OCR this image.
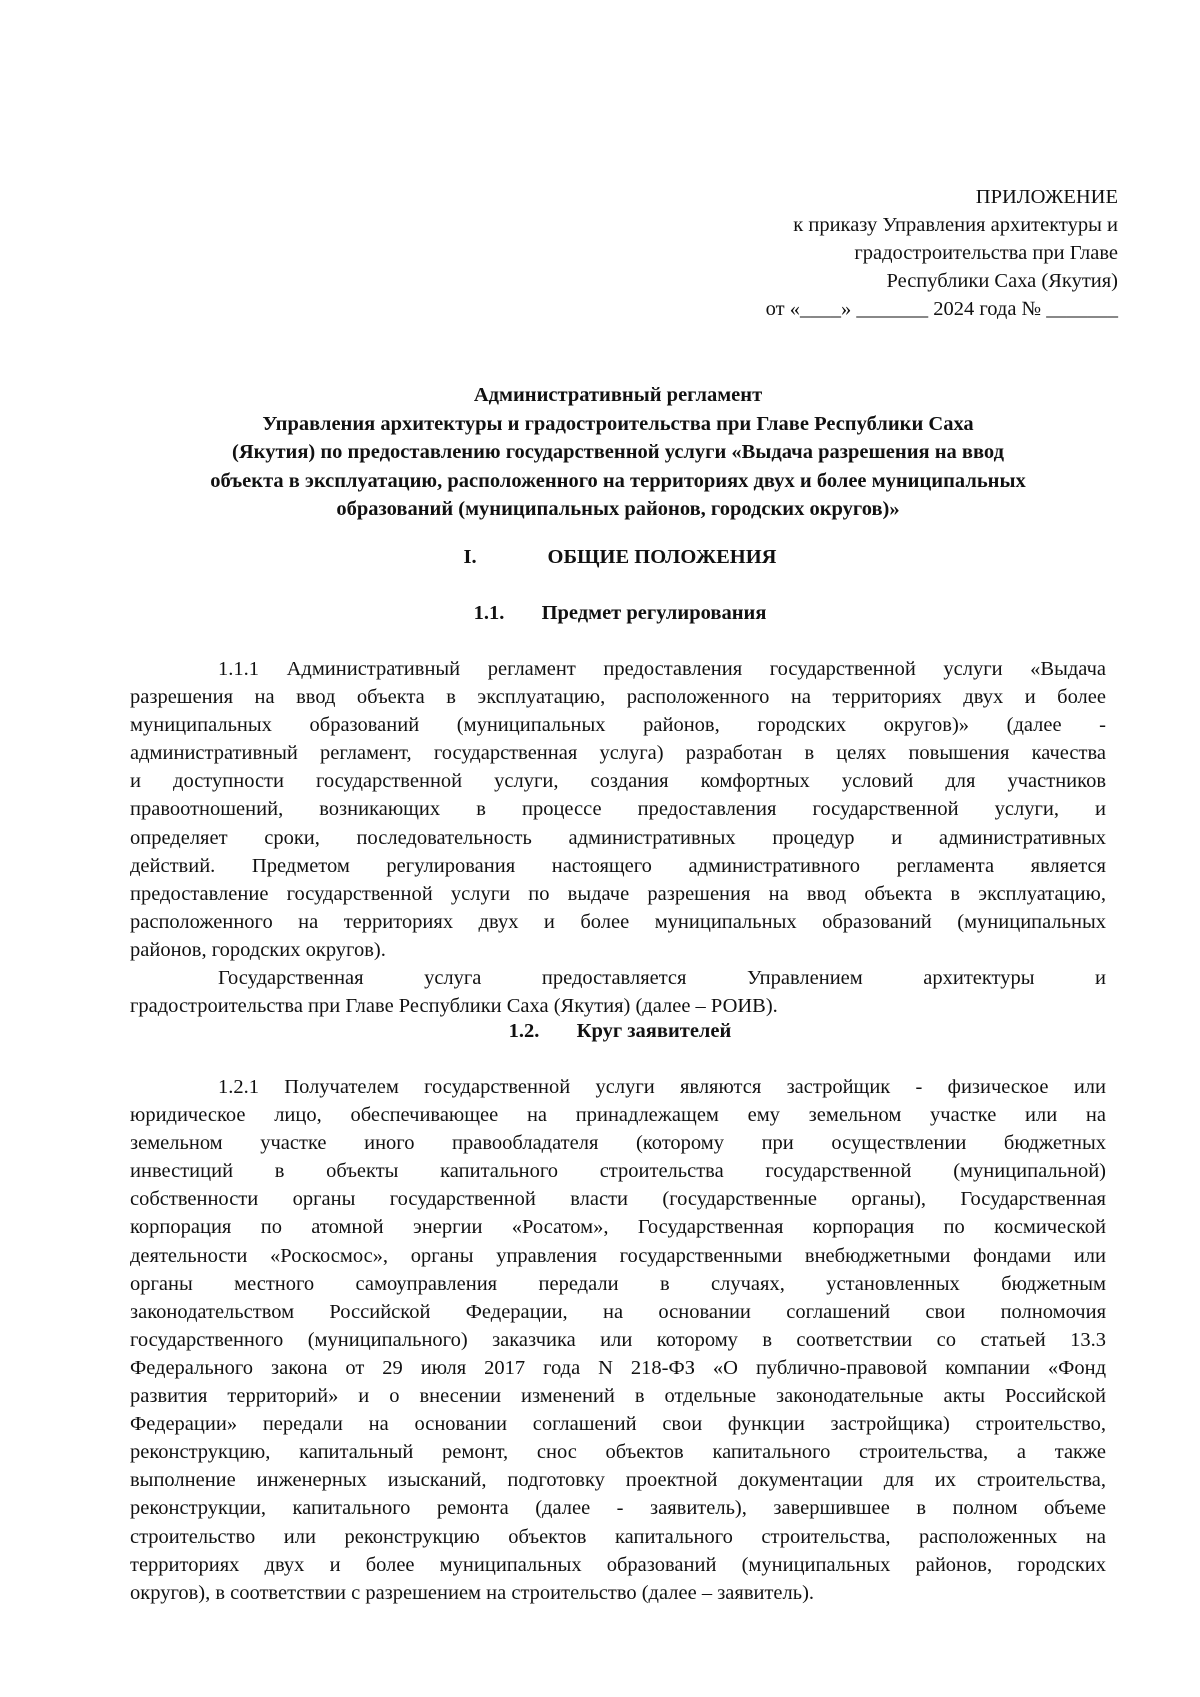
ПРИЛОЖЕНИЕ
к приказу Управления архитектуры и
градостроительства при Главе
Республики Саха (Якутия)
от «____» _______ 2024 года № _______
Административный регламент
Управления архитектуры и градостроительства при Главе Республики Саха
(Якутия) по предоставлению государственной услуги «Выдача разрешения на ввод
объекта в эксплуатацию, расположенного на территориях двух и более муниципальных
образований (муниципальных районов, городских округов)»
I.	ОБЩИЕ ПОЛОЖЕНИЯ
1.1. Предмет регулирования
1.1.1 Административный регламент предоставления государственной услуги «Выдача
разрешения на ввод объекта в эксплуатацию, расположенного на территориях двух и более
муниципальных образований (муниципальных районов, городских округов)» (далее -
административный регламент, государственная услуга) разработан в целях повышения качества
и доступности государственной услуги, создания комфортных условий для участников
правоотношений, возникающих в процессе предоставления государственной услуги, и
определяет сроки, последовательность административных процедур и административных
действий. Предметом регулирования настоящего административного регламента является
предоставление государственной услуги по выдаче разрешения на ввод объекта в эксплуатацию,
расположенного на территориях двух и более муниципальных образований (муниципальных
районов, городских округов).
Государственная услуга предоставляется Управлением архитектуры и
градостроительства при Главе Республики Саха (Якутия) (далее – РОИВ).
1.2. Круг заявителей
1.2.1 Получателем государственной услуги являются застройщик - физическое или
юридическое лицо, обеспечивающее на принадлежащем ему земельном участке или на
земельном участке иного правообладателя (которому при осуществлении бюджетных
инвестиций в объекты капитального строительства государственной (муниципальной)
собственности органы государственной власти (государственные органы), Государственная
корпорация по атомной энергии «Росатом», Государственная корпорация по космической
деятельности «Роскосмос», органы управления государственными внебюджетными фондами или
органы местного самоуправления передали в случаях, установленных бюджетным
законодательством Российской Федерации, на основании соглашений свои полномочия
государственного (муниципального) заказчика или которому в соответствии со статьей 13.3
Федерального закона от 29 июля 2017 года N 218-ФЗ «О публично-правовой компании «Фонд
развития территорий» и о внесении изменений в отдельные законодательные акты Российской
Федерации» передали на основании соглашений свои функции застройщика) строительство,
реконструкцию, капитальный ремонт, снос объектов капитального строительства, а также
выполнение инженерных изысканий, подготовку проектной документации для их строительства,
реконструкции, капитального ремонта (далее - заявитель), завершившее в полном объеме
строительство или реконструкцию объектов капитального строительства, расположенных на
территориях двух и более муниципальных образований (муниципальных районов, городских
округов), в соответствии с разрешением на строительство (далее – заявитель).
